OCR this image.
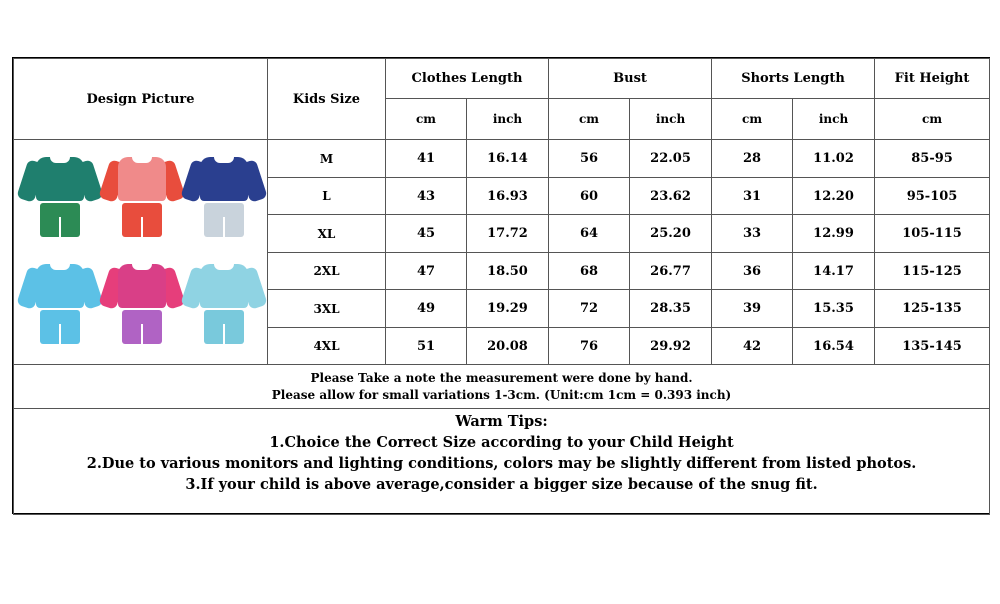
Design Picture	Kids Size	Clothes Length		Bust		Shorts Length		Fit Height
		cm	inch	cm	inch	cm	inch	cm

	M	41	16.14	56	22.05	28	11.02	85-95
	L	43	16.93	60	23.62	31	12.20	95-105
	XL	45	17.72	64	25.20	33	12.99	105-115
	2XL	47	18.50	68	26.77	36	14.17	115-125
	3XL	49	19.29	72	28.35	39	15.35	125-135
	4XL	51	20.08	76	29.92	42	16.54	135-145

Please Take a note the measurement were done by hand.
Please allow for small variations 1-3cm. (Unit:cm 1cm = 0.393 inch)								

Warm Tips:
1.Choice the Correct Size according to your Child Height
2.Due to various monitors and lighting conditions, colors may be slightly different from listed photos.
3.If your child is above average,consider a bigger size because of the snug fit.								
